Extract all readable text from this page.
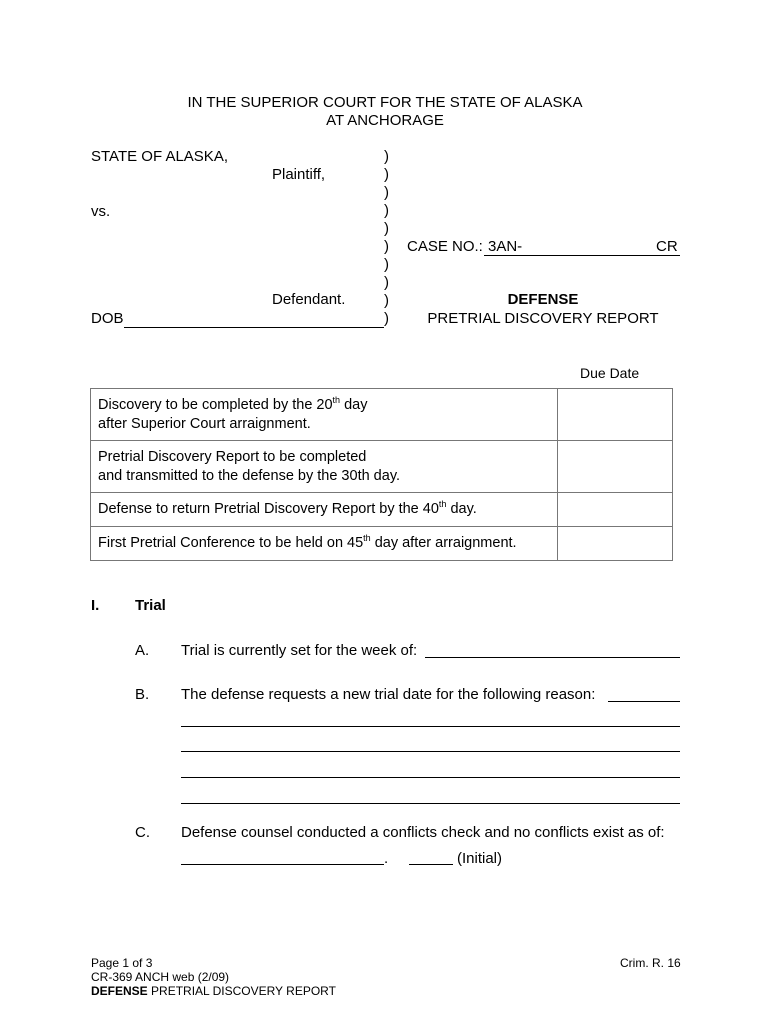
IN THE SUPERIOR COURT FOR THE STATE OF ALASKA
AT ANCHORAGE
STATE OF ALASKA,
Plaintiff,
vs.
Defendant.
DOB
)
)
)
)
)
)
)
)
)
)
CASE NO.: 3AN-	CR
DEFENSE
PRETRIAL DISCOVERY REPORT
Due Date
Discovery to be completed by the 20th day
after Superior Court arraignment.	
Pretrial Discovery Report to be completed
and transmitted to the defense by the 30th day.	
Defense to return Pretrial Discovery Report by the 40th day.	
First Pretrial Conference to be held on 45th day after arraignment.	
I. Trial
A. Trial is currently set for the week of:
B. The defense requests a new trial date for the following reason:
C. Defense counsel conducted a conflicts check and no conflicts exist as of:
.	(Initial)
Page 1 of 3
CR-369 ANCH web (2/09)
DEFENSE PRETRIAL DISCOVERY REPORT
Crim. R. 16
